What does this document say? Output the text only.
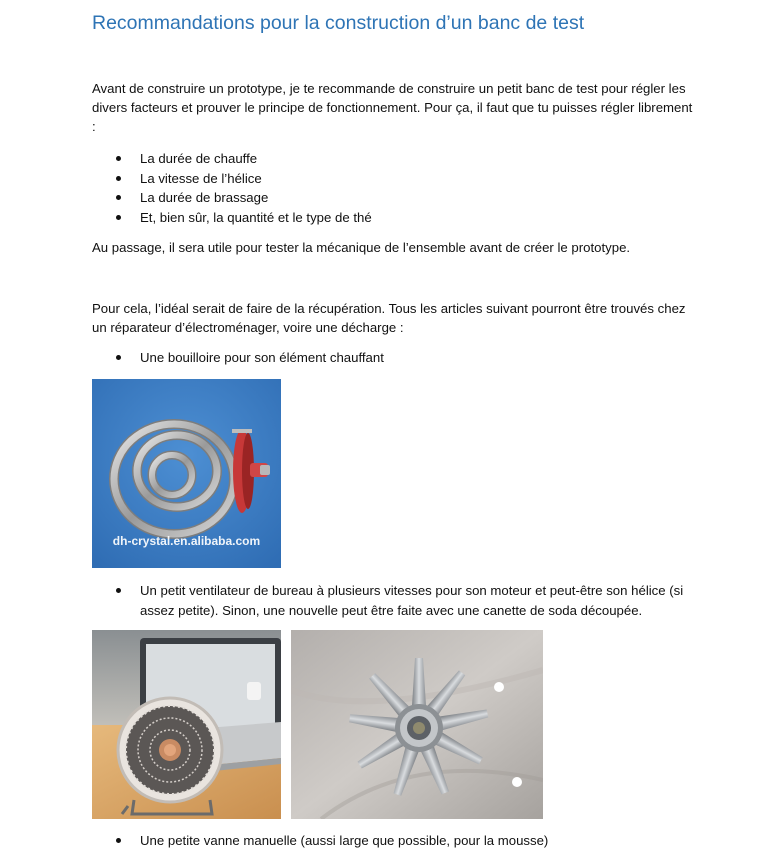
Recommandations pour la construction d’un banc de test

Avant de construire un prototype, je te recommande de construire un petit banc de test pour régler les divers facteurs et prouver le principe de fonctionnement. Pour ça, il faut que tu puisses régler librement :

La durée de chauffe
La vitesse de l’hélice
La durée de brassage
Et, bien sûr, la quantité et le type de thé

Au passage, il sera utile pour tester la mécanique de l’ensemble avant de créer le prototype.

Pour cela, l’idéal serait de faire de la récupération. Tous les articles suivant pourront être trouvés chez un réparateur d’électroménager, voire une décharge :

Une bouilloire pour son élément chauffant
dh-crystal.en.alibaba.com
Un petit ventilateur de bureau à plusieurs vitesses pour son moteur et peut-être son hélice (si assez petite). Sinon, une nouvelle peut être faite avec une canette de soda découpée.
Une petite vanne manuelle (aussi large que possible, pour la mousse)
